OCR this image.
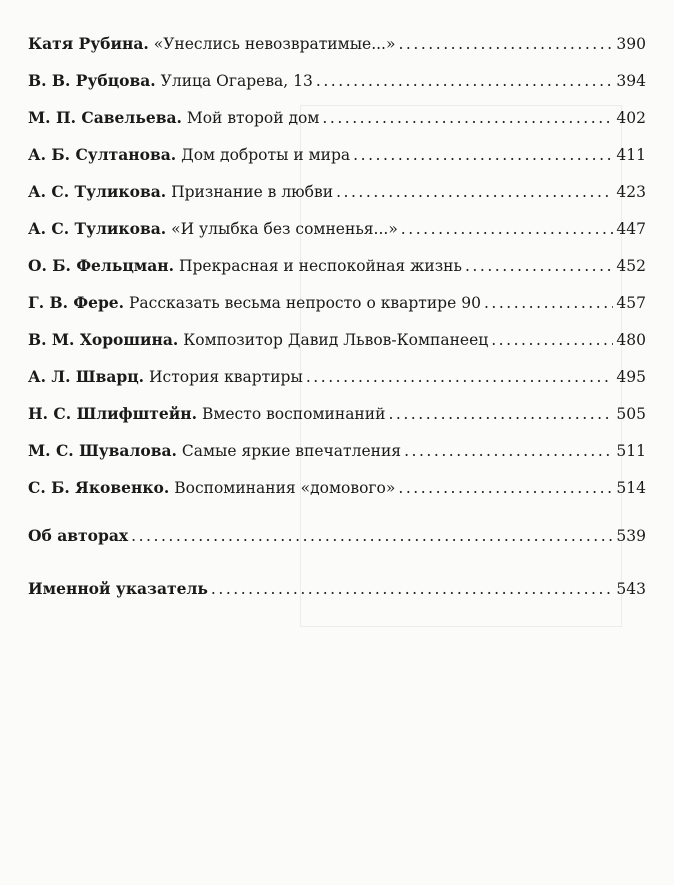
Катя Рубина. «Унеслись невозвратимые...» . . .	390
В. В. Рубцова. Улица Огарева, 13 . . .	394
М. П. Савельева. Мой второй дом . . .	402
А. Б. Султанова. Дом доброты и мира . . .	411
А. С. Туликова. Признание в любви . . .	423
А. С. Туликова. «И улыбка без сомненья...» . . .	447
О. Б. Фельцман. Прекрасная и неспокойная жизнь . . .	452
Г. В. Фере. Рассказать весьма непросто о квартире 90 . . .	457
В. М. Хорошина. Композитор Давид Львов-Компанеец . . .	480
А. Л. Шварц. История квартиры . . .	495
Н. С. Шлифштейн. Вместо воспоминаний . . .	505
М. С. Шувалова. Самые яркие впечатления . . .	511
С. Б. Яковенко. Воспоминания «домового» . . .	514
Об авторах . . .	539
Именной указатель . . .	543
